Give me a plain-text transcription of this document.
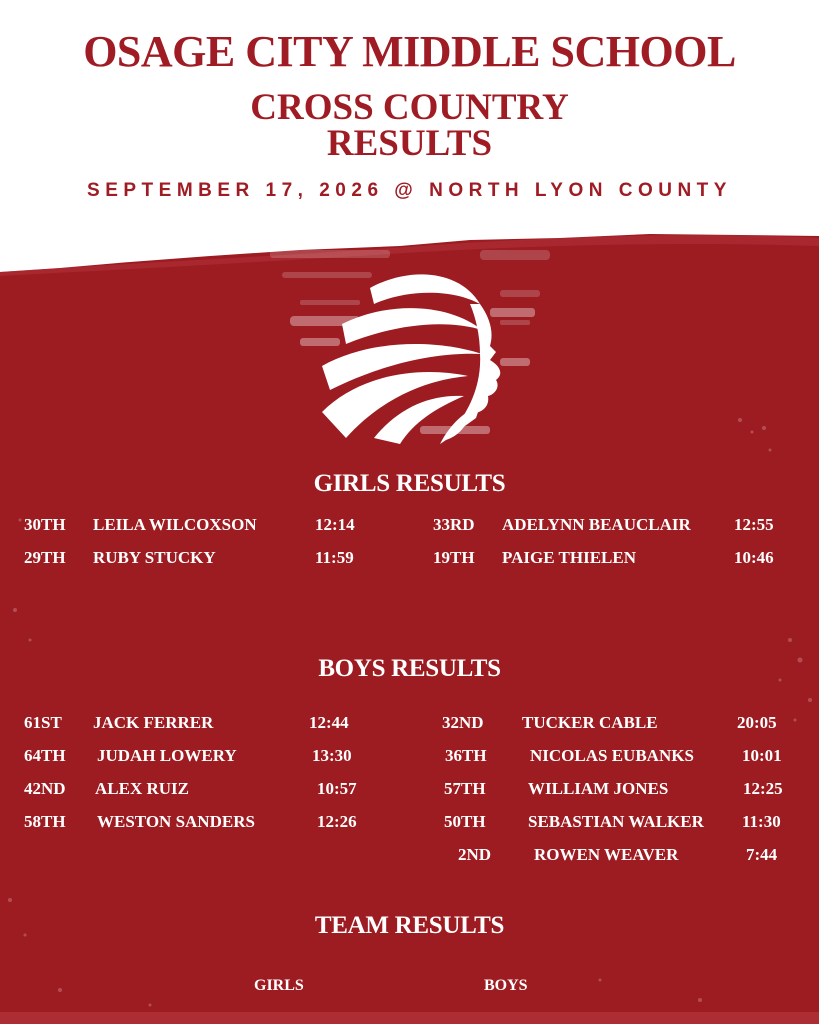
OSAGE CITY MIDDLE SCHOOL
CROSS COUNTRY
RESULTS
SEPTEMBER 17, 2026 @ NORTH LYON COUNTY
GIRLS RESULTS
30TH LEILA WILCOXSON	12:14
29TH RUBY STUCKY	11:59
33RD ADELYNN BEAUCLAIR	12:55
19TH PAIGE THIELEN	10:46
BOYS RESULTS
61ST JACK FERRER	12:44
64TH JUDAH LOWERY	13:30
42ND ALEX RUIZ	10:57
58TH WESTON SANDERS	12:26
32ND TUCKER CABLE	20:05
36TH	NICOLAS EUBANKS	10:01
57TH WILLIAM JONES	12:25
50TH SEBASTIAN WALKER 11:30
2ND	ROWEN WEAVER	7:44
TEAM RESULTS
GIRLS	BOYS
